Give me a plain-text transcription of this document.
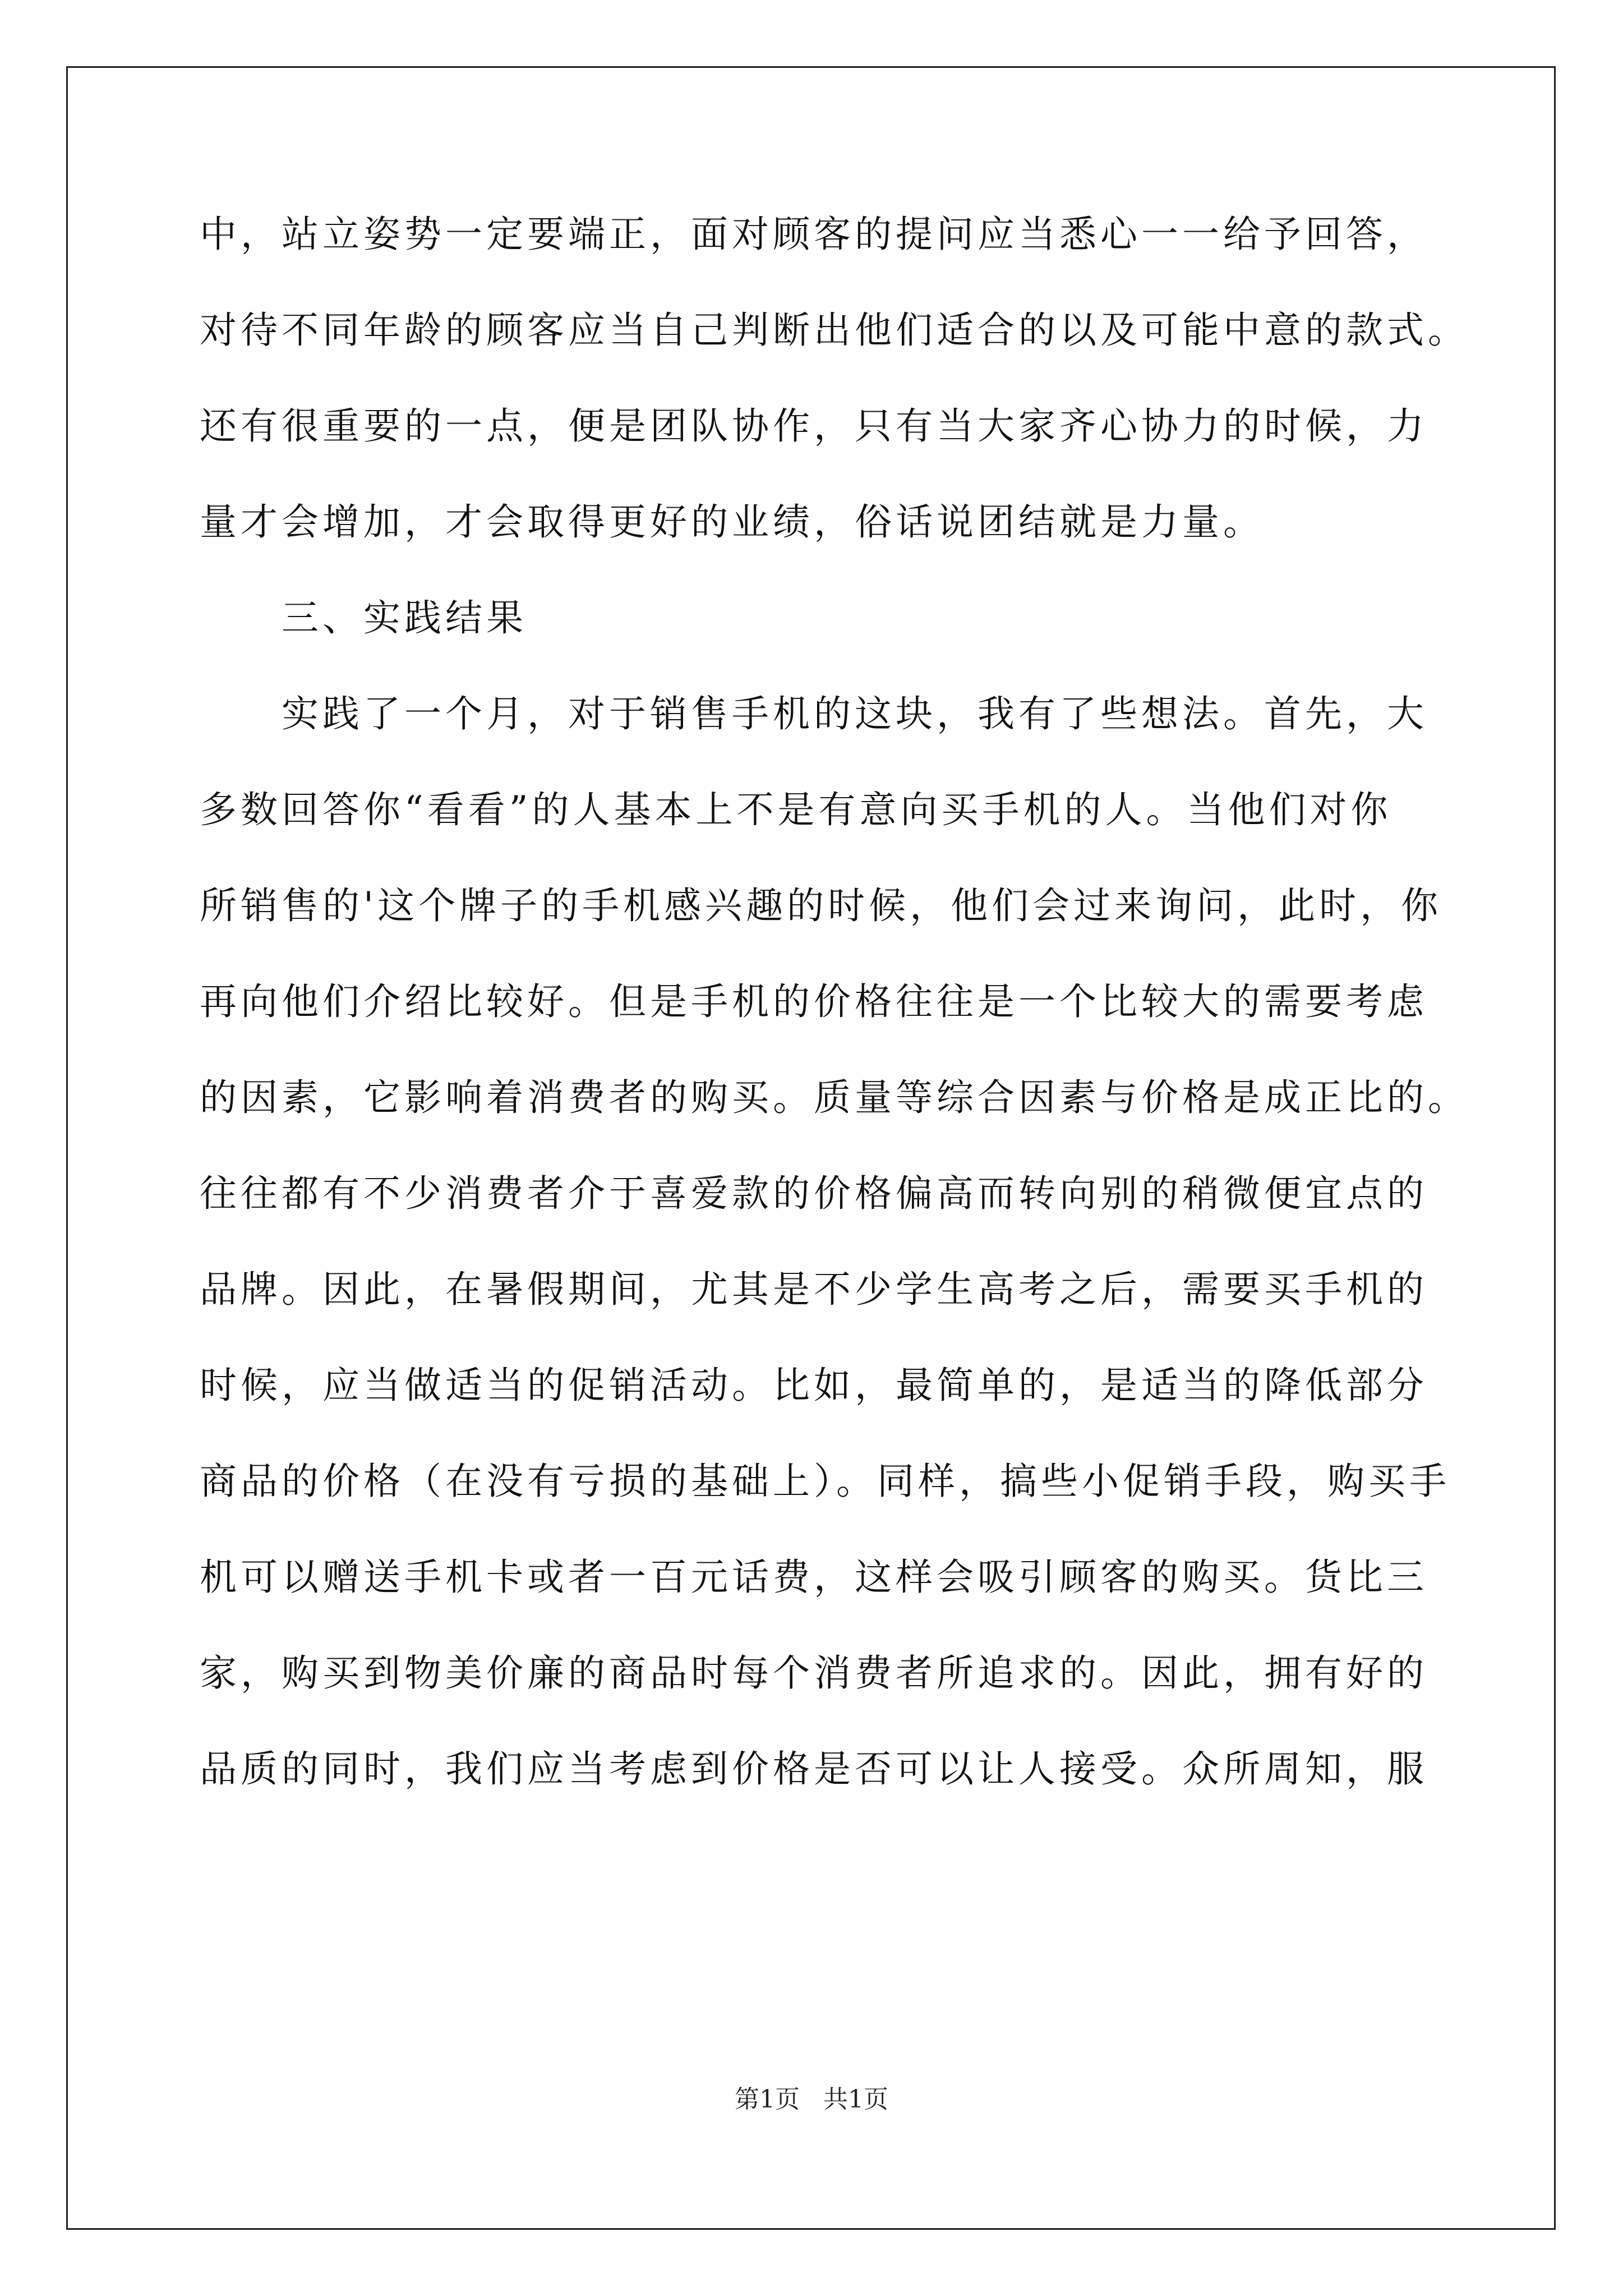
中，站立姿势一定要端正，面对顾客的提问应当悉心一一给予回答，
对待不同年龄的顾客应当自己判断出他们适合的以及可能中意的款式。
还有很重要的一点，便是团队协作，只有当大家齐心协力的时候，力
量才会增加，才会取得更好的业绩，俗话说团结就是力量。
三、实践结果
实践了一个月，对于销售手机的这块，我有了些想法。首先，大
多数回答你“看看”的人基本上不是有意向买手机的人。当他们对你
所销售的'这个牌子的手机感兴趣的时候，他们会过来询问，此时，你
再向他们介绍比较好。但是手机的价格往往是一个比较大的需要考虑
的因素，它影响着消费者的购买。质量等综合因素与价格是成正比的。
往往都有不少消费者介于喜爱款的价格偏高而转向别的稍微便宜点的
品牌。因此，在暑假期间，尤其是不少学生高考之后，需要买手机的
时候，应当做适当的促销活动。比如，最简单的，是适当的降低部分
商品的价格（在没有亏损的基础上）。同样，搞些小促销手段，购买手
机可以赠送手机卡或者一百元话费，这样会吸引顾客的购买。货比三
家，购买到物美价廉的商品时每个消费者所追求的。因此，拥有好的
品质的同时，我们应当考虑到价格是否可以让人接受。众所周知，服
第1页 共1页
